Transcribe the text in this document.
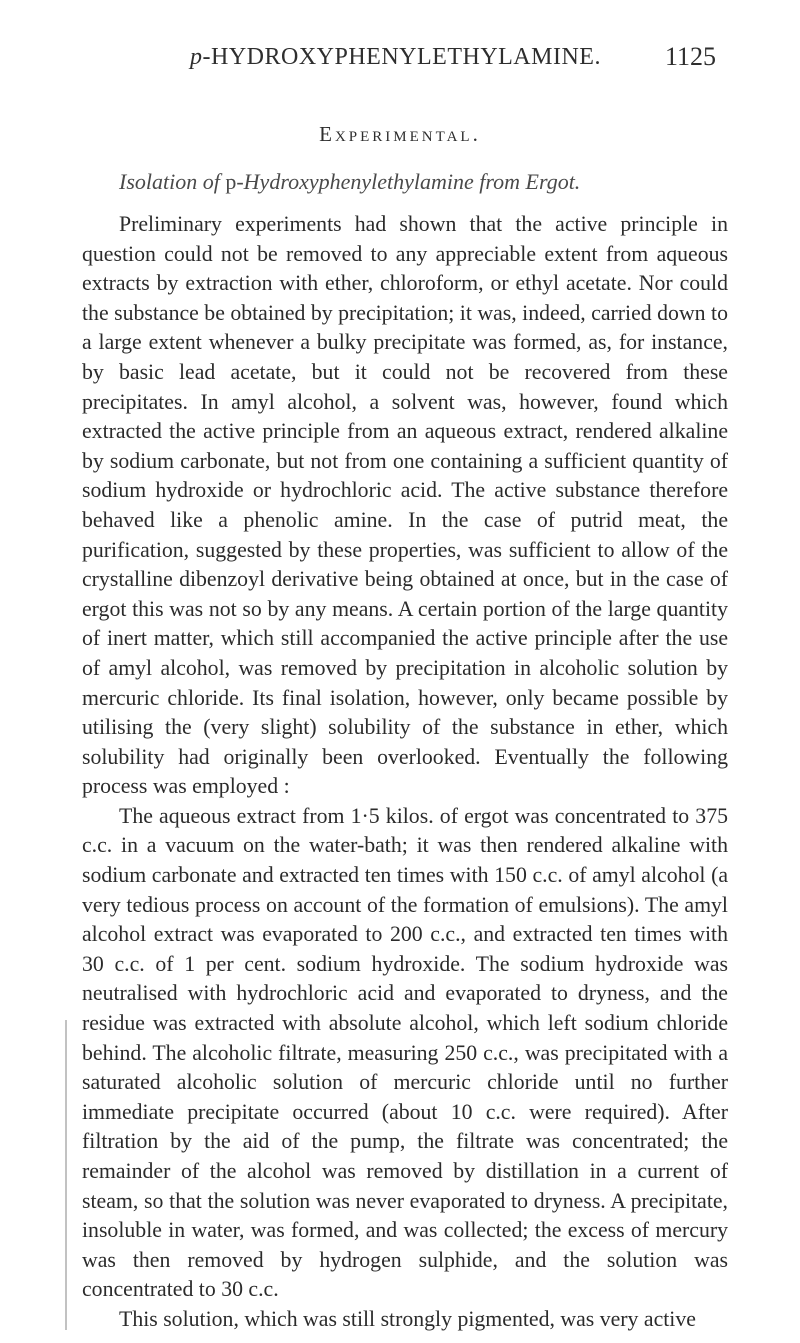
p-HYDROXYPHENYLETHYLAMINE. 1125
Experimental.
Isolation of p-Hydroxyphenylethylamine from Ergot.

Preliminary experiments had shown that the active principle in question could not be removed to any appreciable extent from aqueous extracts by extraction with ether, chloroform, or ethyl acetate. Nor could the substance be obtained by precipitation; it was, indeed, carried down to a large extent whenever a bulky precipitate was formed, as, for instance, by basic lead acetate, but it could not be recovered from these precipitates. In amyl alcohol, a solvent was, however, found which extracted the active principle from an aqueous extract, rendered alkaline by sodium carbonate, but not from one containing a sufficient quantity of sodium hydroxide or hydrochloric acid. The active substance therefore behaved like a phenolic amine. In the case of putrid meat, the purification, suggested by these properties, was sufficient to allow of the crystalline dibenzoyl derivative being obtained at once, but in the case of ergot this was not so by any means. A certain portion of the large quantity of inert matter, which still accompanied the active principle after the use of amyl alcohol, was removed by precipitation in alcoholic solution by mercuric chloride. Its final isolation, however, only became possible by utilising the (very slight) solubility of the substance in ether, which solubility had originally been overlooked. Eventually the following process was employed :

The aqueous extract from 1·5 kilos. of ergot was concentrated to 375 c.c. in a vacuum on the water-bath; it was then rendered alkaline with sodium carbonate and extracted ten times with 150 c.c. of amyl alcohol (a very tedious process on account of the formation of emulsions). The amyl alcohol extract was evaporated to 200 c.c., and extracted ten times with 30 c.c. of 1 per cent. sodium hydroxide. The sodium hydroxide was neutralised with hydrochloric acid and evaporated to dryness, and the residue was extracted with absolute alcohol, which left sodium chloride behind. The alcoholic filtrate, measuring 250 c.c., was precipitated with a saturated alcoholic solution of mercuric chloride until no further immediate precipitate occurred (about 10 c.c. were required). After filtration by the aid of the pump, the filtrate was concentrated; the remainder of the alcohol was removed by distillation in a current of steam, so that the solution was never evaporated to dryness. A precipitate, insoluble in water, was formed, and was collected; the excess of mercury was then removed by hydrogen sulphide, and the solution was concentrated to 30 c.c.

This solution, which was still strongly pigmented, was very active
